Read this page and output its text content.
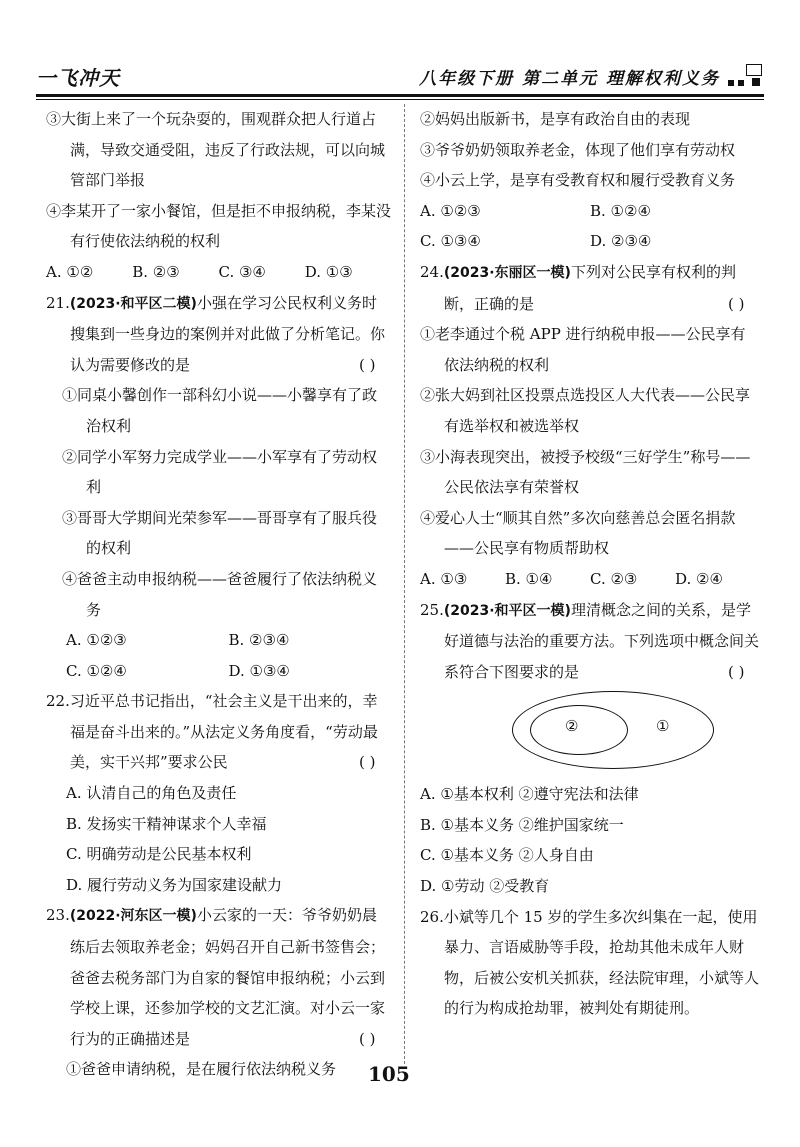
一飞冲天	八年级下册 第二单元 理解权利义务

③大街上来了一个玩杂耍的，围观群众把人行道占满，导致交通受阻，违反了行政法规，可以向城管部门举报

④李某开了一家小餐馆，但是拒不申报纳税，李某没有行使依法纳税的权利

A. ①②	B. ②③	C. ③④	D. ①③

21.(2023·和平区二模)小强在学习公民权利义务时搜集到一些身边的案例并对此做了分析笔记。你认为需要修改的是	( )

①同桌小馨创作一部科幻小说——小馨享有了政治权利

②同学小军努力完成学业——小军享有了劳动权利

③哥哥大学期间光荣参军——哥哥享有了服兵役的权利

④爸爸主动申报纳税——爸爸履行了依法纳税义务

A. ①②③	B. ②③④
C. ①②④	D. ①③④

22.习近平总书记指出，“社会主义是干出来的，幸福是奋斗出来的。”从法定义务角度看，“劳动最美，实干兴邦”要求公民	( )

A. 认清自己的角色及责任

B. 发扬实干精神谋求个人幸福

C. 明确劳动是公民基本权利

D. 履行劳动义务为国家建设献力

23.(2022·河东区一模)小云家的一天：爷爷奶奶晨练后去领取养老金；妈妈召开自己新书签售会；爸爸去税务部门为自家的餐馆申报纳税；小云到学校上课，还参加学校的文艺汇演。对小云一家行为的正确描述是	( )

①爸爸申请纳税，是在履行依法纳税义务

②妈妈出版新书，是享有政治自由的表现

③爷爷奶奶领取养老金，体现了他们享有劳动权

④小云上学，是享有受教育权和履行受教育义务

A. ①②③	B. ①②④
C. ①③④	D. ②③④

24.(2023·东丽区一模)下列对公民享有权利的判断，正确的是	( )

①老李通过个税 APP 进行纳税申报——公民享有依法纳税的权利

②张大妈到社区投票点选投区人大代表——公民享有选举权和被选举权

③小海表现突出，被授予校级“三好学生”称号——公民依法享有荣誉权

④爱心人士“顺其自然”多次向慈善总会匿名捐款——公民享有物质帮助权

A. ①③	B. ①④	C. ②③	D. ②④

25.(2023·和平区一模)理清概念之间的关系，是学好道德与法治的重要方法。下列选项中概念间关系符合下图要求的是	( )

②	①

A. ①基本权利 ②遵守宪法和法律

B. ①基本义务 ②维护国家统一

C. ①基本义务 ②人身自由

D. ①劳动 ②受教育

26.小斌等几个 15 岁的学生多次纠集在一起，使用暴力、言语威胁等手段，抢劫其他未成年人财物，后被公安机关抓获，经法院审理，小斌等人的行为构成抢劫罪，被判处有期徒刑。

105
